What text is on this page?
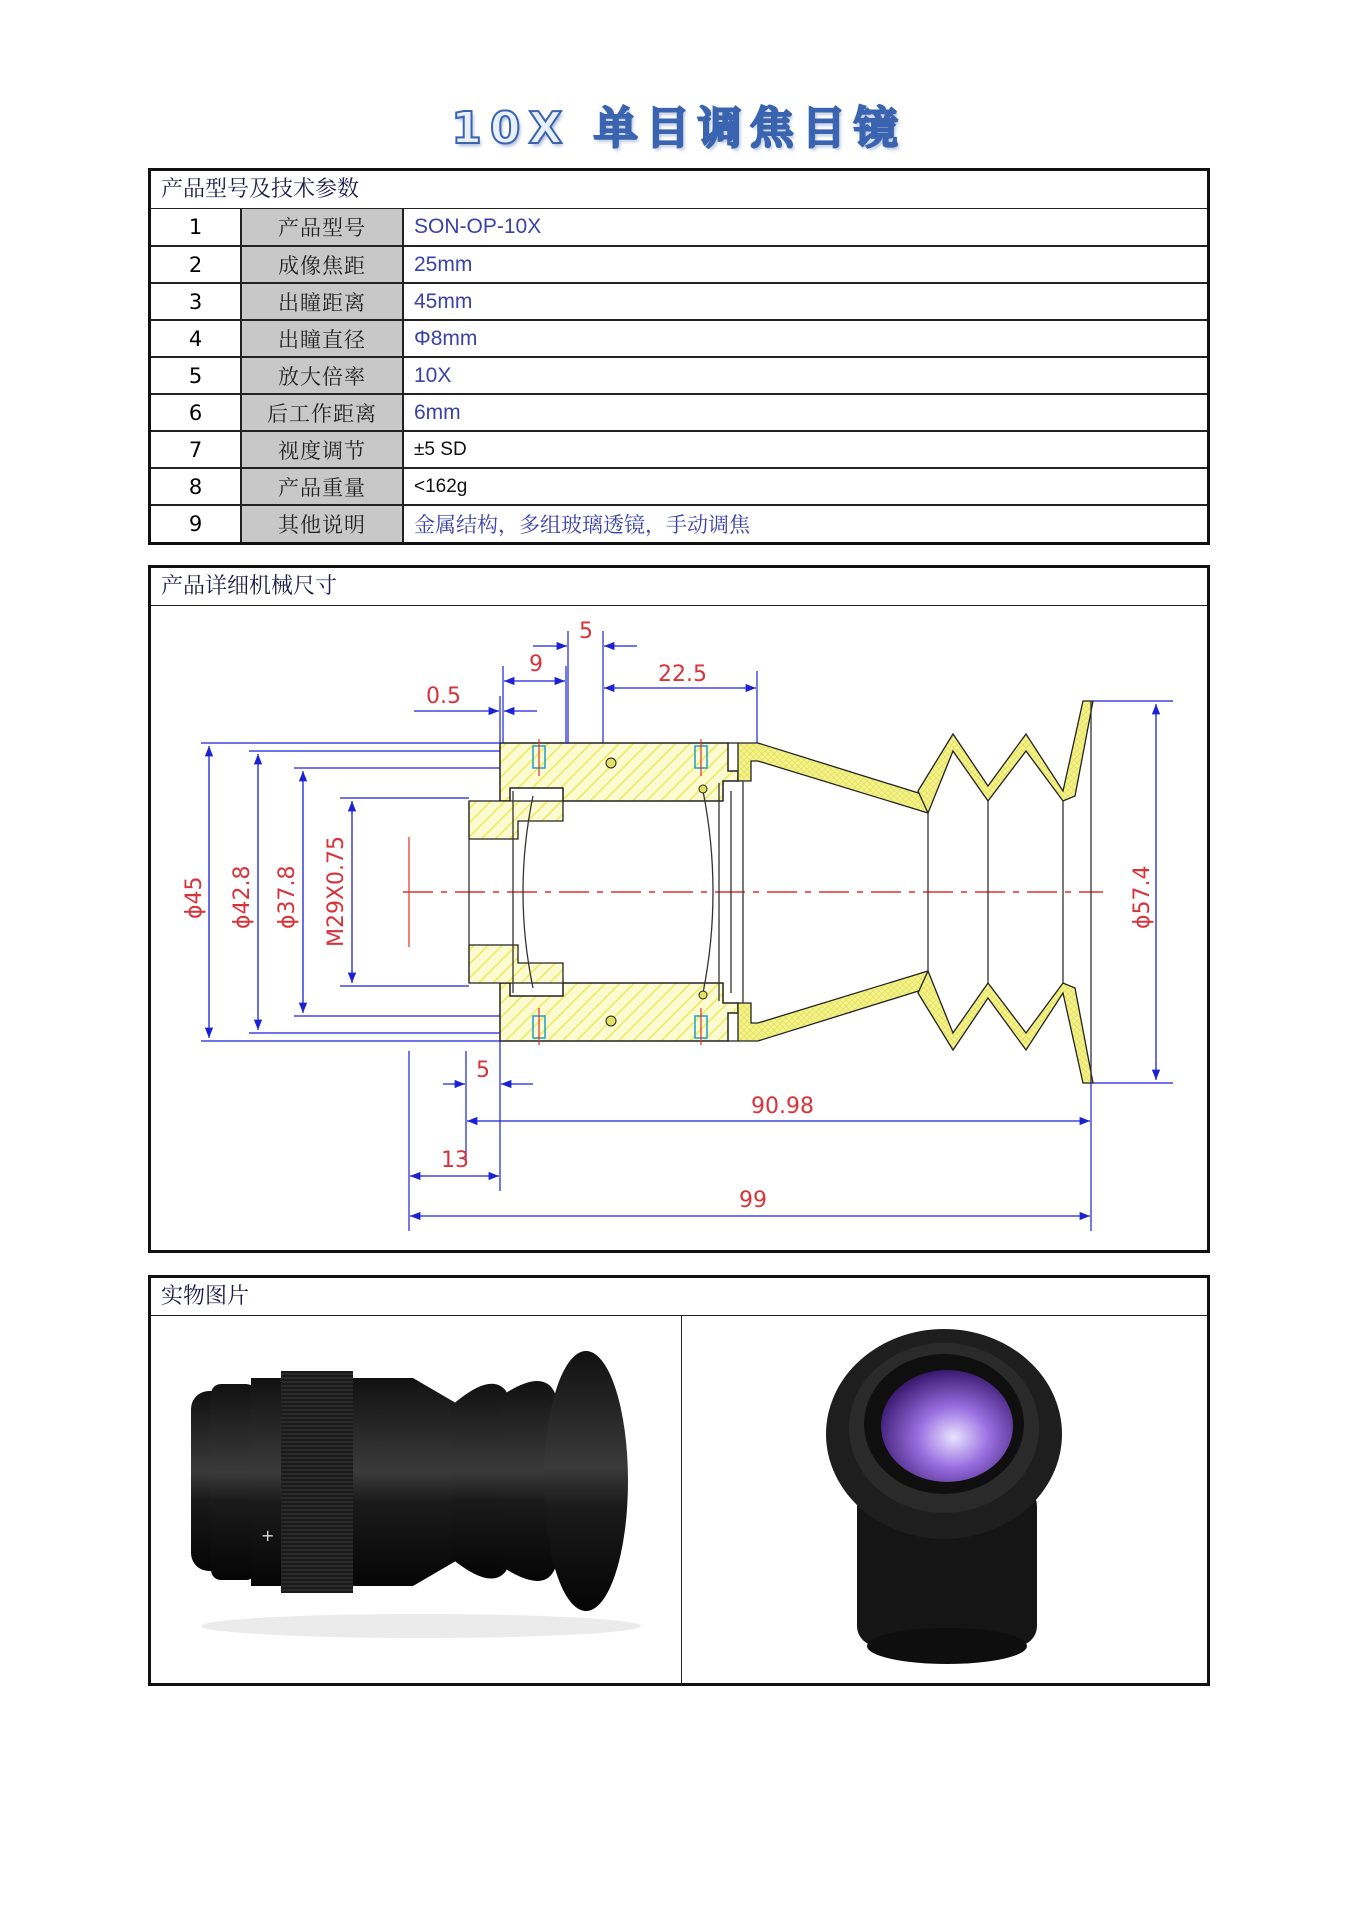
10X 单目调焦目镜
产品型号及技术参数
1	产品型号	SON-OP-10X
2	成像焦距	25mm
3	出瞳距离	45mm
4	出瞳直径	Φ8mm
5	放大倍率	10X
6	后工作距离	6mm
7	视度调节	±5 SD
8	产品重量	<162g
9	其他说明	金属结构，多组玻璃透镜，手动调焦
产品详细机械尺寸
0.5
9
5
22.5
5
90.98
13
99
ϕ45 ϕ42.8 ϕ37.8 M29X0.75	ϕ57.4
实物图片
+
